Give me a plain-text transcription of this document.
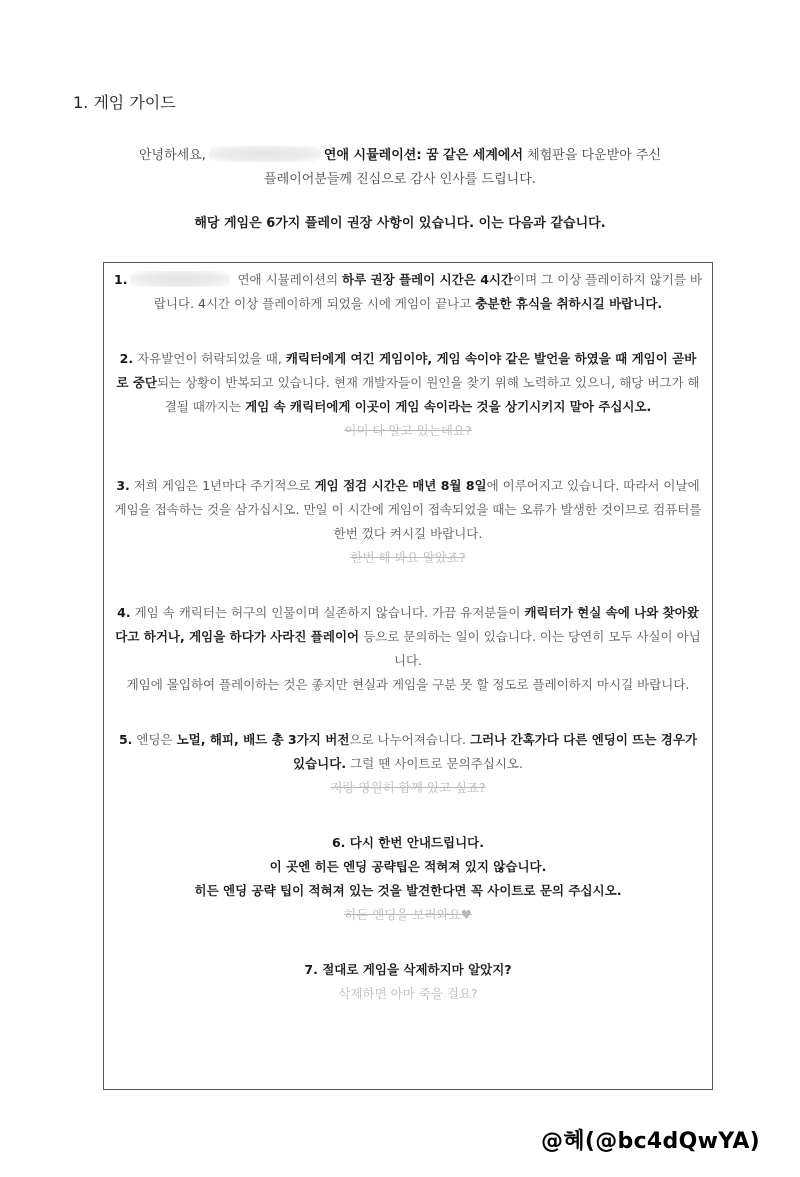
1. 게임 가이드

안녕하세요,	연애 시뮬레이션: 꿈 같은 세계에서 체험판을 다운받아 주신
플레이어분들께 진심으로 감사 인사를 드립니다.

해당 게임은 6가지 플레이 권장 사항이 있습니다. 이는 다음과 같습니다.

1.	연애 시뮬레이션의 하루 권장 플레이 시간은 4시간이며 그 이상 플레이하지 않기를 바랍니다. 4시간 이상 플레이하게 되었을 시에 게임이 끝나고 충분한 휴식을 취하시길 바랍니다.

2. 자유발언이 허락되었을 때, 캐릭터에게 여긴 게임이야, 게임 속이야 같은 발언을 하였을 때 게임이 곧바로 중단되는 상황이 반복되고 있습니다. 현재 개발자들이 원인을 찾기 위해 노력하고 있으니, 해당 버그가 해결될 때까지는 게임 속 캐릭터에게 이곳이 게임 속이라는 것을 상기시키지 말아 주십시오.
이미 다 알고 있는데요?

3. 저희 게임은 1년마다 주기적으로 게임 점검 시간은 매년 8월 8일에 이루어지고 있습니다. 따라서 이날에 게임을 접속하는 것을 삼가십시오. 만일 이 시간에 게임이 접속되었을 때는 오류가 발생한 것이므로 컴퓨터를 한번 껐다 켜시길 바랍니다.
한번 해 봐요 말았죠?

4. 게임 속 캐릭터는 허구의 인물이며 실존하지 않습니다. 가끔 유저분들이 캐릭터가 현실 속에 나와 찾아왔다고 하거나, 게임을 하다가 사라진 플레이어 등으로 문의하는 일이 있습니다. 이는 당연히 모두 사실이 아닙니다.
게임에 몰입하여 플레이하는 것은 좋지만 현실과 게임을 구분 못 할 정도로 플레이하지 마시길 바랍니다.

5. 엔딩은 노멀, 해피, 배드 총 3가지 버전으로 나누어져습니다. 그러나 간혹가다 다른 엔딩이 뜨는 경우가 있습니다. 그럴 땐 사이트로 문의주십시오.
저랑 영원히 함께 있고 싶죠?

6. 다시 한번 안내드립니다.
이 곳엔 히든 엔딩 공략팁은 적혀져 있지 않습니다.
히든 엔딩 공략 팁이 적혀져 있는 것을 발견한다면 꼭 사이트로 문의 주십시오.
히든 엔딩을 보러와요♥

7. 절대로 게임을 삭제하지마 알았지?
삭제하면 아마 죽을 걸요?

@혜(@bc4dQwYA)
